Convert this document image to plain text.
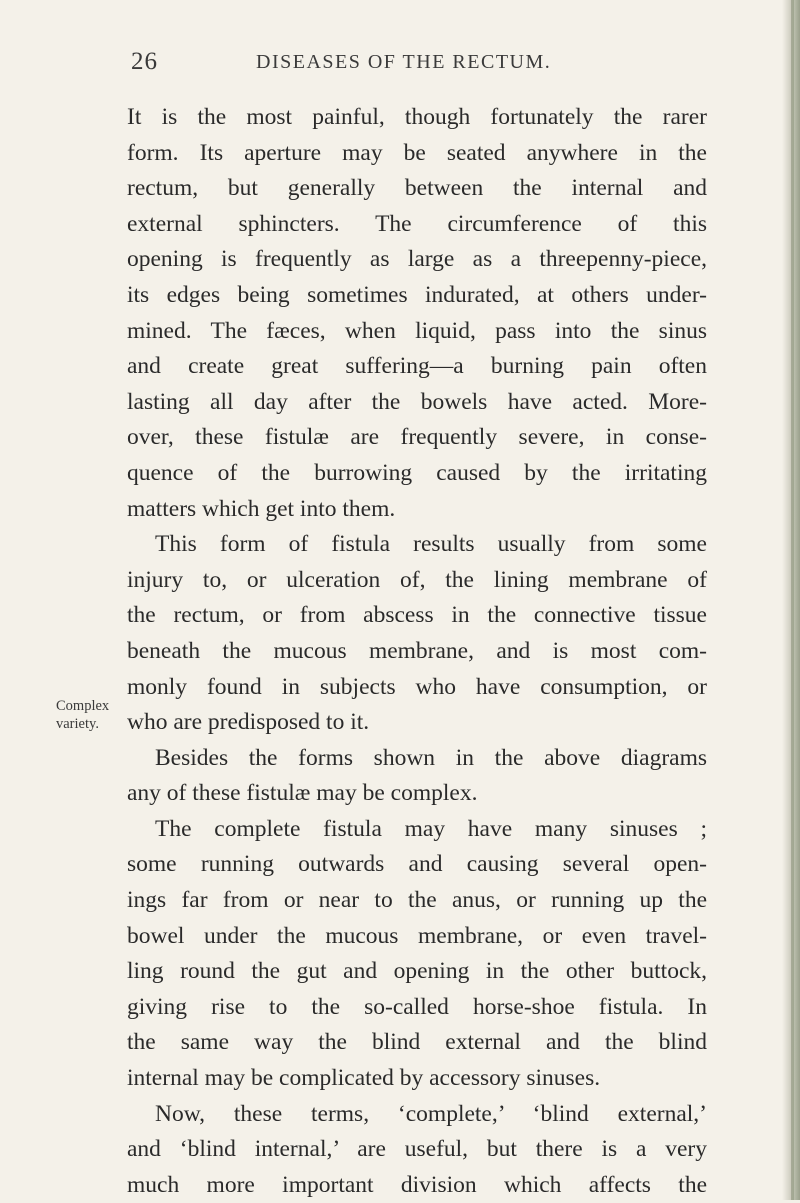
26	DISEASES OF THE RECTUM.
Complex
variety.
It is the most painful, though fortunately the rarer
form. Its aperture may be seated anywhere in the
rectum, but generally between the internal and
external sphincters. The circumference of this
opening is frequently as large as a threepenny-piece,
its edges being sometimes indurated, at others under-
mined. The fæces, when liquid, pass into the sinus
and create great suffering—a burning pain often
lasting all day after the bowels have acted. More-
over, these fistulæ are frequently severe, in conse-
quence of the burrowing caused by the irritating
matters which get into them.
This form of fistula results usually from some
injury to, or ulceration of, the lining membrane of
the rectum, or from abscess in the connective tissue
beneath the mucous membrane, and is most com-
monly found in subjects who have consumption, or
who are predisposed to it.
Besides the forms shown in the above diagrams
any of these fistulæ may be complex.
The complete fistula may have many sinuses ;
some running outwards and causing several open-
ings far from or near to the anus, or running up the
bowel under the mucous membrane, or even travel-
ling round the gut and opening in the other buttock,
giving rise to the so-called horse-shoe fistula. In
the same way the blind external and the blind
internal may be complicated by accessory sinuses.
Now, these terms, ‘complete,’ ‘blind external,’
and ‘blind internal,’ are useful, but there is a very
much more important division which affects the
